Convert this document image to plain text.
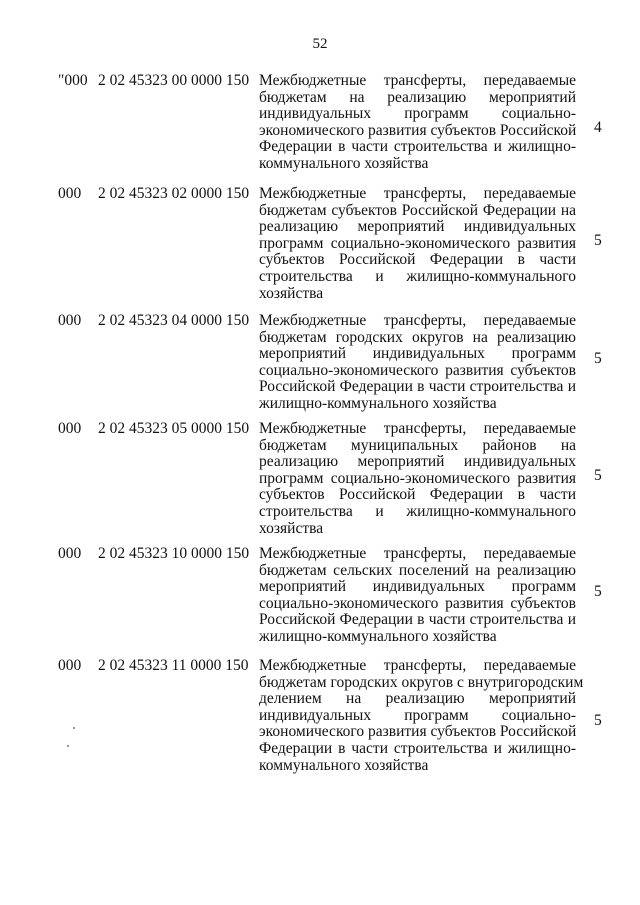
52
"000 2 02 45323 00 0000 150 Межбюджетные трансферты, передаваемые
бюджетам на реализацию мероприятий
индивидуальных программ социально-
экономического развития субъектов Российской
Федерации в части строительства и жилищно-
коммунального хозяйства
4
000 2 02 45323 02 0000 150 Межбюджетные трансферты, передаваемые
бюджетам субъектов Российской Федерации на
реализацию мероприятий индивидуальных
программ социально-экономического развития
субъектов Российской Федерации в части
строительства и жилищно-коммунального
хозяйства
5
000 2 02 45323 04 0000 150 Межбюджетные трансферты, передаваемые
бюджетам городских округов на реализацию
мероприятий индивидуальных программ
социально-экономического развития субъектов
Российской Федерации в части строительства и
жилищно-коммунального хозяйства
5
000 2 02 45323 05 0000 150 Межбюджетные трансферты, передаваемые
бюджетам муниципальных районов на
реализацию мероприятий индивидуальных
программ социально-экономического развития
субъектов Российской Федерации в части
строительства и жилищно-коммунального
хозяйства
5
000 2 02 45323 10 0000 150 Межбюджетные трансферты, передаваемые
бюджетам сельских поселений на реализацию
мероприятий индивидуальных программ
социально-экономического развития субъектов
Российской Федерации в части строительства и
жилищно-коммунального хозяйства
5
000 2 02 45323 11 0000 150 Межбюджетные трансферты, передаваемые
бюджетам городских округов с внутригородским
делением на реализацию мероприятий
индивидуальных программ социально-
экономического развития субъектов Российской
Федерации в части строительства и жилищно-
коммунального хозяйства
5
